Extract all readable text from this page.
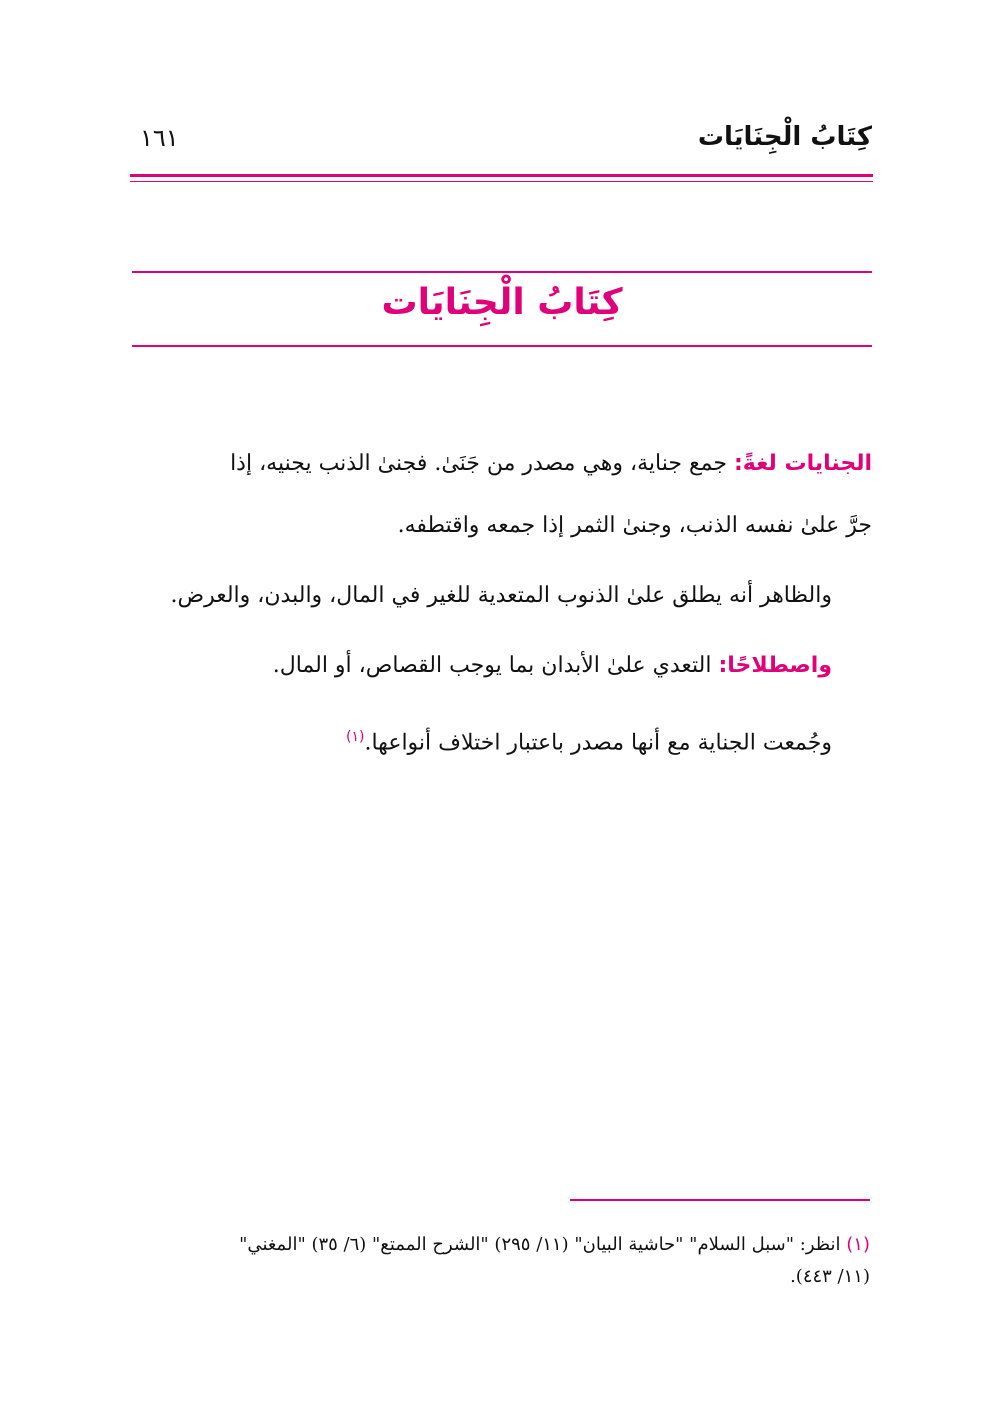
كِتَابُ الْجِنَايَات
١٦١
كِتَابُ الْجِنَايَات
الجنايات لغةً: جمع جناية، وهي مصدر من جَنَىٰ. فجنىٰ الذنب يجنيه، إذا
جرَّ علىٰ نفسه الذنب، وجنىٰ الثمر إذا جمعه واقتطفه.
والظاهر أنه يطلق علىٰ الذنوب المتعدية للغير في المال، والبدن، والعرض.
واصطلاحًا: التعدي علىٰ الأبدان بما يوجب القصاص، أو المال.
وجُمعت الجناية مع أنها مصدر باعتبار اختلاف أنواعها.$^{(١)}$
(١) انظر: "سبل السلام" "حاشية البيان" (١١/ ٢٩٥) "الشرح الممتع" (٦/ ٣٥) "المغني"
(١١/ ٤٤٣).
